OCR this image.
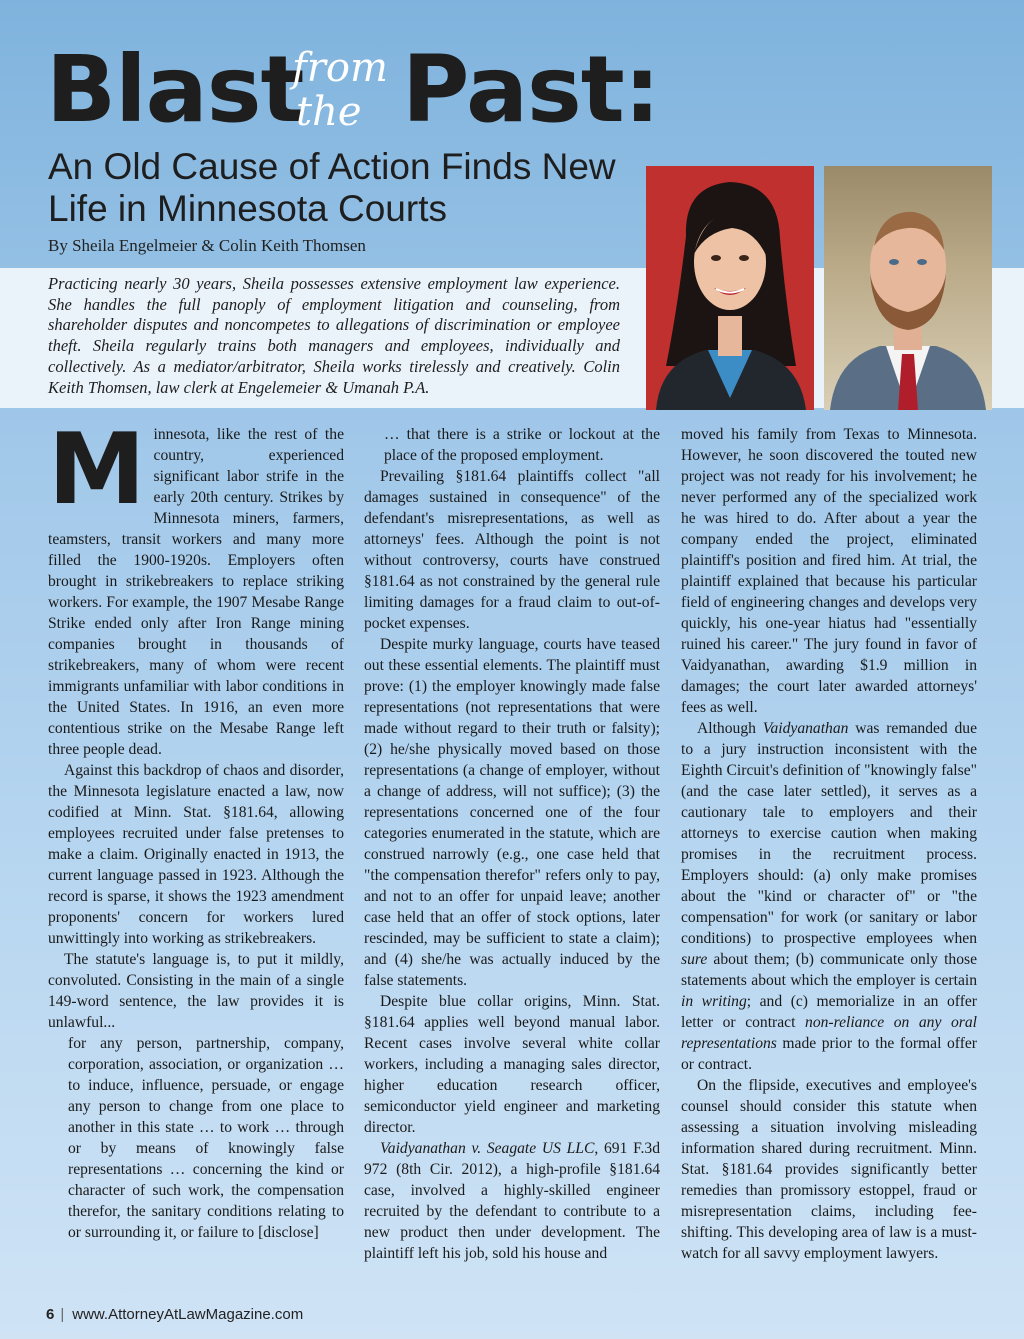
Blast
from
the Past:
An Old Cause of Action Finds New Life in Minnesota Courts
By Sheila Engelmeier & Colin Keith Thomsen
Practicing nearly 30 years, Sheila possesses extensive employment law experience. She handles the full panoply of employment litigation and counseling, from shareholder disputes and noncompetes to allegations of discrimination or employee theft. Sheila regularly trains both managers and employees, individually and collectively. As a mediator/arbitrator, Sheila works tirelessly and creatively. Colin Keith Thomsen, law clerk at Engelemeier & Umanah P.A.

Minnesota, like the rest of the country, experienced significant labor strife in the early 20th century. Strikes by Minnesota miners, farmers, teamsters, transit workers and many more filled the 1900-1920s. Employers often brought in strikebreakers to replace striking workers. For example, the 1907 Mesabe Range Strike ended only after Iron Range mining companies brought in thousands of strikebreakers, many of whom were recent immigrants unfamiliar with labor conditions in the United States. In 1916, an even more contentious strike on the Mesabe Range left three people dead.

Against this backdrop of chaos and disorder, the Minnesota legislature enacted a law, now codified at Minn. Stat. §181.64, allowing employees recruited under false pretenses to make a claim. Originally enacted in 1913, the current language passed in 1923. Although the record is sparse, it shows the 1923 amendment proponents' concern for workers lured unwittingly into working as strikebreakers.

The statute's language is, to put it mildly, convoluted. Consisting in the main of a single 149-word sentence, the law provides it is unlawful...

for any person, partnership, company, corporation, association, or organization … to induce, influence, persuade, or engage any person to change from one place to another in this state … to work … through or by means of knowingly false representations … concerning the kind or character of such work, the compensation therefor, the sanitary conditions relating to or surrounding it, or failure to [disclose]

… that there is a strike or lockout at the place of the proposed employment.

Prevailing §181.64 plaintiffs collect "all damages sustained in consequence" of the defendant's misrepresentations, as well as attorneys' fees. Although the point is not without controversy, courts have construed §181.64 as not constrained by the general rule limiting damages for a fraud claim to out-of-pocket expenses.

Despite murky language, courts have teased out these essential elements. The plaintiff must prove: (1) the employer knowingly made false representations (not representations that were made without regard to their truth or falsity); (2) he/she physically moved based on those representations (a change of employer, without a change of address, will not suffice); (3) the representations concerned one of the four categories enumerated in the statute, which are construed narrowly (e.g., one case held that "the compensation therefor" refers only to pay, and not to an offer for unpaid leave; another case held that an offer of stock options, later rescinded, may be sufficient to state a claim); and (4) she/he was actually induced by the false statements.

Despite blue collar origins, Minn. Stat. §181.64 applies well beyond manual labor. Recent cases involve several white collar workers, including a managing sales director, higher education research officer, semiconductor yield engineer and marketing director.

Vaidyanathan v. Seagate US LLC, 691 F.3d 972 (8th Cir. 2012), a high-profile §181.64 case, involved a highly-skilled engineer recruited by the defendant to contribute to a new product then under development. The plaintiff left his job, sold his house and

moved his family from Texas to Minnesota. However, he soon discovered the touted new project was not ready for his involvement; he never performed any of the specialized work he was hired to do. After about a year the company ended the project, eliminated plaintiff's position and fired him. At trial, the plaintiff explained that because his particular field of engineering changes and develops very quickly, his one-year hiatus had "essentially ruined his career." The jury found in favor of Vaidyanathan, awarding $1.9 million in damages; the court later awarded attorneys' fees as well.

Although Vaidyanathan was remanded due to a jury instruction inconsistent with the Eighth Circuit's definition of "knowingly false" (and the case later settled), it serves as a cautionary tale to employers and their attorneys to exercise caution when making promises in the recruitment process. Employers should: (a) only make promises about the "kind or character of" or "the compensation" for work (or sanitary or labor conditions) to prospective employees when sure about them; (b) communicate only those statements about which the employer is certain in writing; and (c) memorialize in an offer letter or contract non-reliance on any oral representations made prior to the formal offer or contract.

On the flipside, executives and employee's counsel should consider this statute when assessing a situation involving misleading information shared during recruitment. Minn. Stat. §181.64 provides significantly better remedies than promissory estoppel, fraud or misrepresentation claims, including fee-shifting. This developing area of law is a must-watch for all savvy employment lawyers.

6 | www.AttorneyAtLawMagazine.com
